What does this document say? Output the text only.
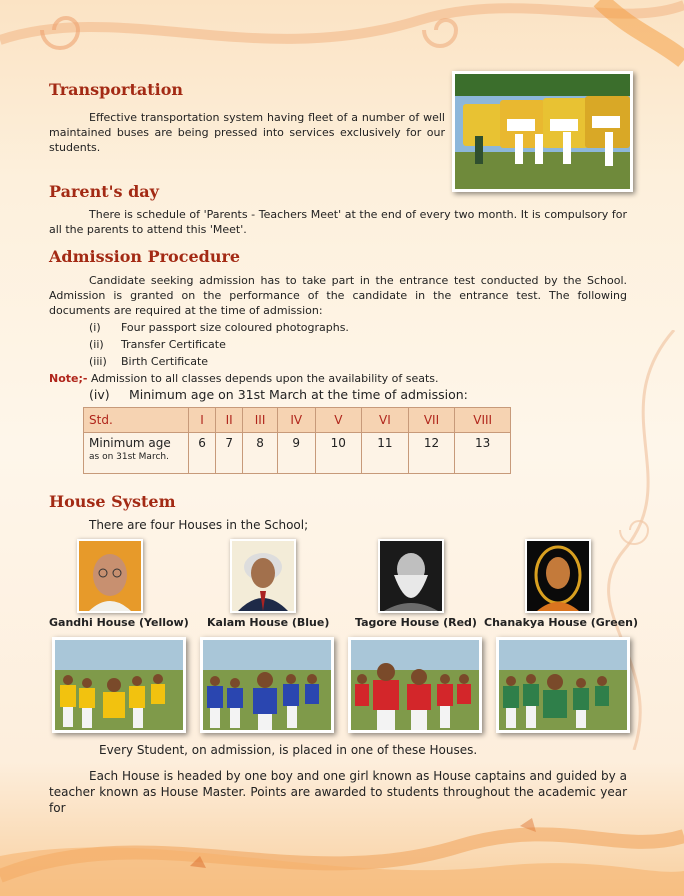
Transportation

Effective transportation system having fleet of a number of well maintained buses are being pressed into services exclusively for our students.

Parent's day

There is schedule of 'Parents - Teachers Meet' at the end of every two month. It is compulsory for all the parents to attend this 'Meet'.

Admission Procedure

Candidate seeking admission has to take part in the entrance test conducted by the School. Admission is granted on the performance of the candidate in the entrance test. The following documents are required at the time of admission:

(i) Four passport size coloured photographs.
(ii) Transfer Certificate
(iii) Birth Certificate
Note;- Admission to all classes depends upon the availability of seats.
(iv) Minimum age on 31st March at the time of admission:
Std.	I	II	III	IV	V	VI	VII	VIII
Minimum age
as on 31st March.	6	7	8	9	10	11	12	13
House System

There are four Houses in the School;

Gandhi House (Yellow) Kalam House (Blue) Tagore House (Red) Chanakya House (Green)

Every Student, on admission, is placed in one of these Houses.

Each House is headed by one boy and one girl known as House captains and guided by a teacher known as House Master. Points are awarded to students throughout the academic year for
